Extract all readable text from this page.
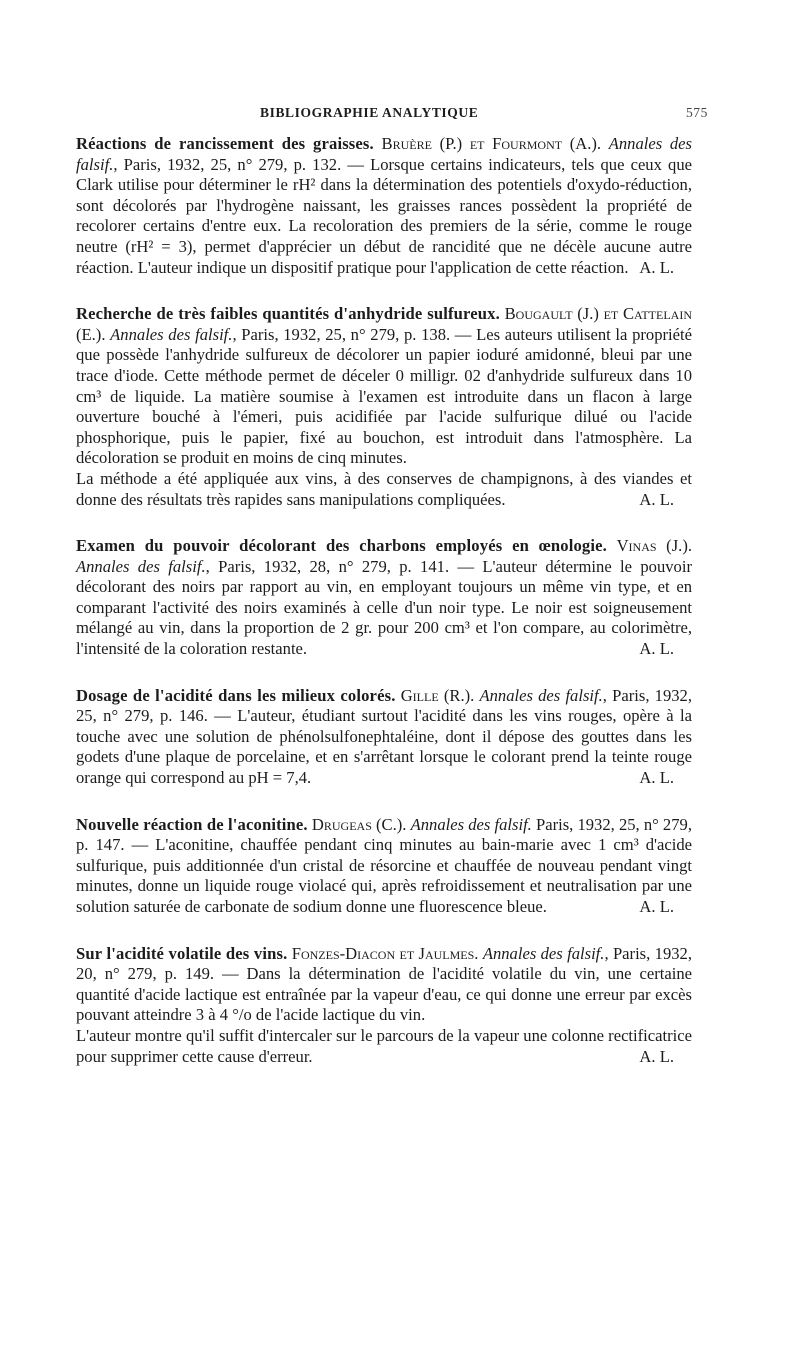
BIBLIOGRAPHIE ANALYTIQUE	575

Réactions de rancissement des graisses. Bruère (P.) et Fourmont (A.). Annales des falsif., Paris, 1932, 25, n° 279, p. 132. — Lorsque certains indicateurs, tels que ceux que Clark utilise pour déterminer le rH² dans la détermination des potentiels d'oxydo-réduction, sont décolorés par l'hydrogène naissant, les graisses rances possèdent la propriété de recolorer certains d'entre eux. La recoloration des premiers de la série, comme le rouge neutre (rH² = 3), permet d'apprécier un début de rancidité que ne décèle aucune autre réaction. L'auteur indique un dispositif pratique pour l'application de cette réaction. A. L.

Recherche de très faibles quantités d'anhydride sulfureux. Bougault (J.) et Cattelain (E.). Annales des falsif., Paris, 1932, 25, n° 279, p. 138. — Les auteurs utilisent la propriété que possède l'anhydride sulfureux de décolorer un papier ioduré amidonné, bleui par une trace d'iode. Cette méthode permet de déceler 0 milligr. 02 d'anhydride sulfureux dans 10 cm³ de liquide. La matière soumise à l'examen est introduite dans un flacon à large ouverture bouché à l'émeri, puis acidifiée par l'acide sulfurique dilué ou l'acide phosphorique, puis le papier, fixé au bouchon, est introduit dans l'atmosphère. La décoloration se produit en moins de cinq minutes.

La méthode a été appliquée aux vins, à des conserves de champignons, à des viandes et donne des résultats très rapides sans manipulations compliquées.	A. L.

Examen du pouvoir décolorant des charbons employés en œnologie. Vinas (J.). Annales des falsif., Paris, 1932, 28, n° 279, p. 141. — L'auteur détermine le pouvoir décolorant des noirs par rapport au vin, en employant toujours un même vin type, et en comparant l'activité des noirs examinés à celle d'un noir type. Le noir est soigneusement mélangé au vin, dans la proportion de 2 gr. pour 200 cm³ et l'on compare, au colorimètre, l'intensité de la coloration restante.	A. L.

Dosage de l'acidité dans les milieux colorés. Gille (R.). Annales des falsif., Paris, 1932, 25, n° 279, p. 146. — L'auteur, étudiant surtout l'acidité dans les vins rouges, opère à la touche avec une solution de phénolsulfonephtaléine, dont il dépose des gouttes dans les godets d'une plaque de porcelaine, et en s'arrêtant lorsque le colorant prend la teinte rouge orange qui correspond au pH = 7,4.	A. L.

Nouvelle réaction de l'aconitine. Drugeas (C.). Annales des falsif. Paris, 1932, 25, n° 279, p. 147. — L'aconitine, chauffée pendant cinq minutes au bain-marie avec 1 cm³ d'acide sulfurique, puis additionnée d'un cristal de résorcine et chauffée de nouveau pendant vingt minutes, donne un liquide rouge violacé qui, après refroidissement et neutralisation par une solution saturée de carbonate de sodium donne une fluorescence bleue.	A. L.

Sur l'acidité volatile des vins. Fonzes-Diacon et Jaulmes. Annales des falsif., Paris, 1932, 20, n° 279, p. 149. — Dans la détermination de l'acidité volatile du vin, une certaine quantité d'acide lactique est entraînée par la vapeur d'eau, ce qui donne une erreur par excès pouvant atteindre 3 à 4 °/o de l'acide lactique du vin.

L'auteur montre qu'il suffit d'intercaler sur le parcours de la vapeur une colonne rectificatrice pour supprimer cette cause d'erreur.	A. L.
